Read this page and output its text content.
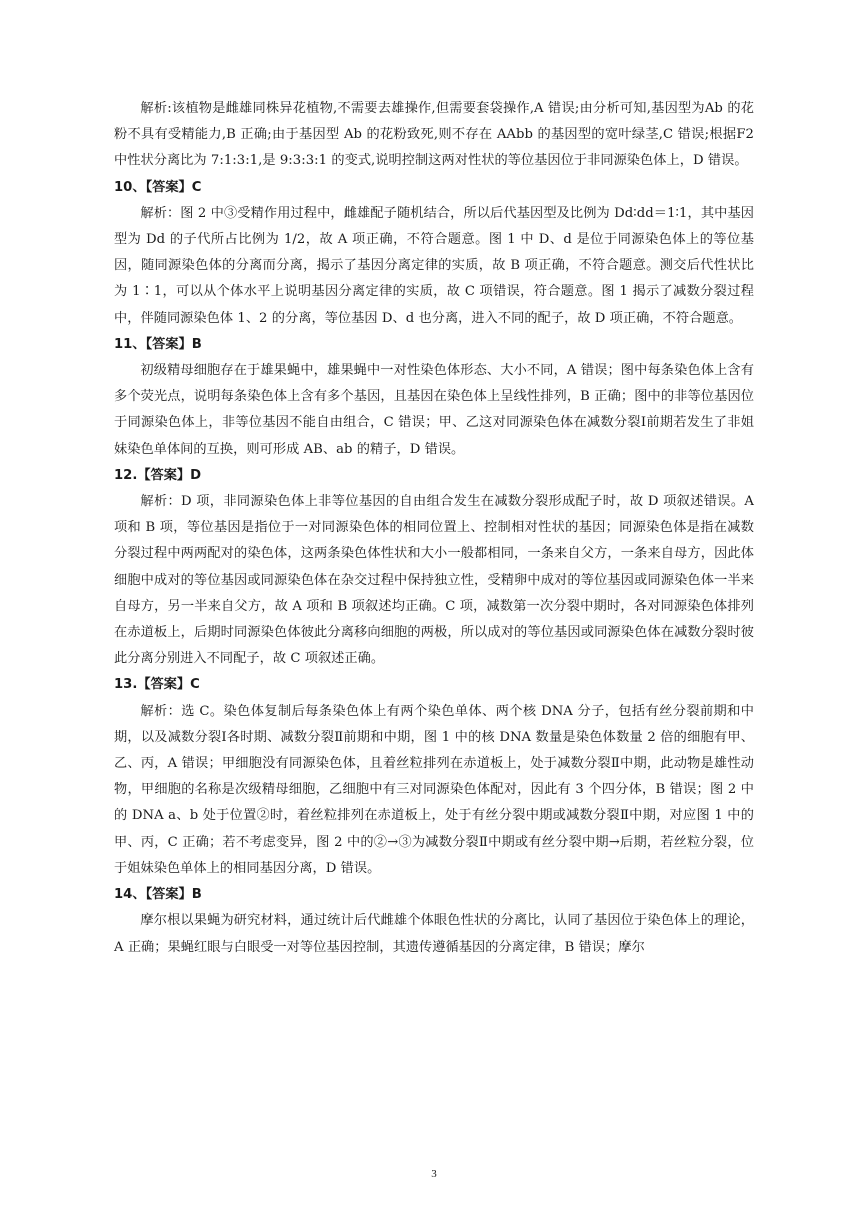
解析:该植物是雌雄同株异花植物,不需要去雄操作,但需要套袋操作,A 错误;由分析可知,基因型为Ab 的花粉不具有受精能力,B 正确;由于基因型 Ab 的花粉致死,则不存在 AAbb 的基因型的宽叶绿茎,C 错误;根据F2 中性状分离比为 7:1:3:1,是 9:3:3:1 的变式,说明控制这两对性状的等位基因位于非同源染色体上，D 错误。

10、【答案】C

解析：图 2 中③受精作用过程中，雌雄配子随机结合，所以后代基因型及比例为 Dd∶dd＝1∶1，其中基因型为 Dd 的子代所占比例为 1/2，故 A 项正确，不符合题意。图 1 中 D、d 是位于同源染色体上的等位基因，随同源染色体的分离而分离，揭示了基因分离定律的实质，故 B 项正确，不符合题意。测交后代性状比为 1∶1，可以从个体水平上说明基因分离定律的实质，故 C 项错误，符合题意。图 1 揭示了减数分裂过程中，伴随同源染色体 1、2 的分离，等位基因 D、d 也分离，进入不同的配子，故 D 项正确，不符合题意。

11、【答案】B

初级精母细胞存在于雄果蝇中，雄果蝇中一对性染色体形态、大小不同，A 错误；图中每条染色体上含有多个荧光点，说明每条染色体上含有多个基因，且基因在染色体上呈线性排列，B 正确；图中的非等位基因位于同源染色体上，非等位基因不能自由组合，C 错误；甲、乙这对同源染色体在减数分裂Ⅰ前期若发生了非姐妹染色单体间的互换，则可形成 AB、ab 的精子，D 错误。

12.【答案】D

解析：D 项，非同源染色体上非等位基因的自由组合发生在减数分裂形成配子时，故 D 项叙述错误。A 项和 B 项，等位基因是指位于一对同源染色体的相同位置上、控制相对性状的基因；同源染色体是指在减数分裂过程中两两配对的染色体，这两条染色体性状和大小一般都相同，一条来自父方，一条来自母方，因此体细胞中成对的等位基因或同源染色体在杂交过程中保持独立性，受精卵中成对的等位基因或同源染色体一半来自母方，另一半来自父方，故 A 项和 B 项叙述均正确。C 项，减数第一次分裂中期时，各对同源染色体排列在赤道板上，后期时同源染色体彼此分离移向细胞的两极，所以成对的等位基因或同源染色体在减数分裂时彼此分离分别进入不同配子，故 C 项叙述正确。

13.【答案】C

解析：选 C。染色体复制后每条染色体上有两个染色单体、两个核 DNA 分子，包括有丝分裂前期和中期，以及减数分裂Ⅰ各时期、减数分裂Ⅱ前期和中期，图 1 中的核 DNA 数量是染色体数量 2 倍的细胞有甲、乙、丙，A 错误；甲细胞没有同源染色体，且着丝粒排列在赤道板上，处于减数分裂Ⅱ中期，此动物是雄性动物，甲细胞的名称是次级精母细胞，乙细胞中有三对同源染色体配对，因此有 3 个四分体，B 错误；图 2 中的 DNA a、b 处于位置②时，着丝粒排列在赤道板上，处于有丝分裂中期或减数分裂Ⅱ中期，对应图 1 中的甲、丙，C 正确；若不考虑变异，图 2 中的②→③为减数分裂Ⅱ中期或有丝分裂中期→后期，若丝粒分裂，位于姐妹染色单体上的相同基因分离，D 错误。

14、【答案】B

摩尔根以果蝇为研究材料，通过统计后代雌雄个体眼色性状的分离比，认同了基因位于染色体上的理论，A 正确；果蝇红眼与白眼受一对等位基因控制，其遗传遵循基因的分离定律，B 错误；摩尔

3
